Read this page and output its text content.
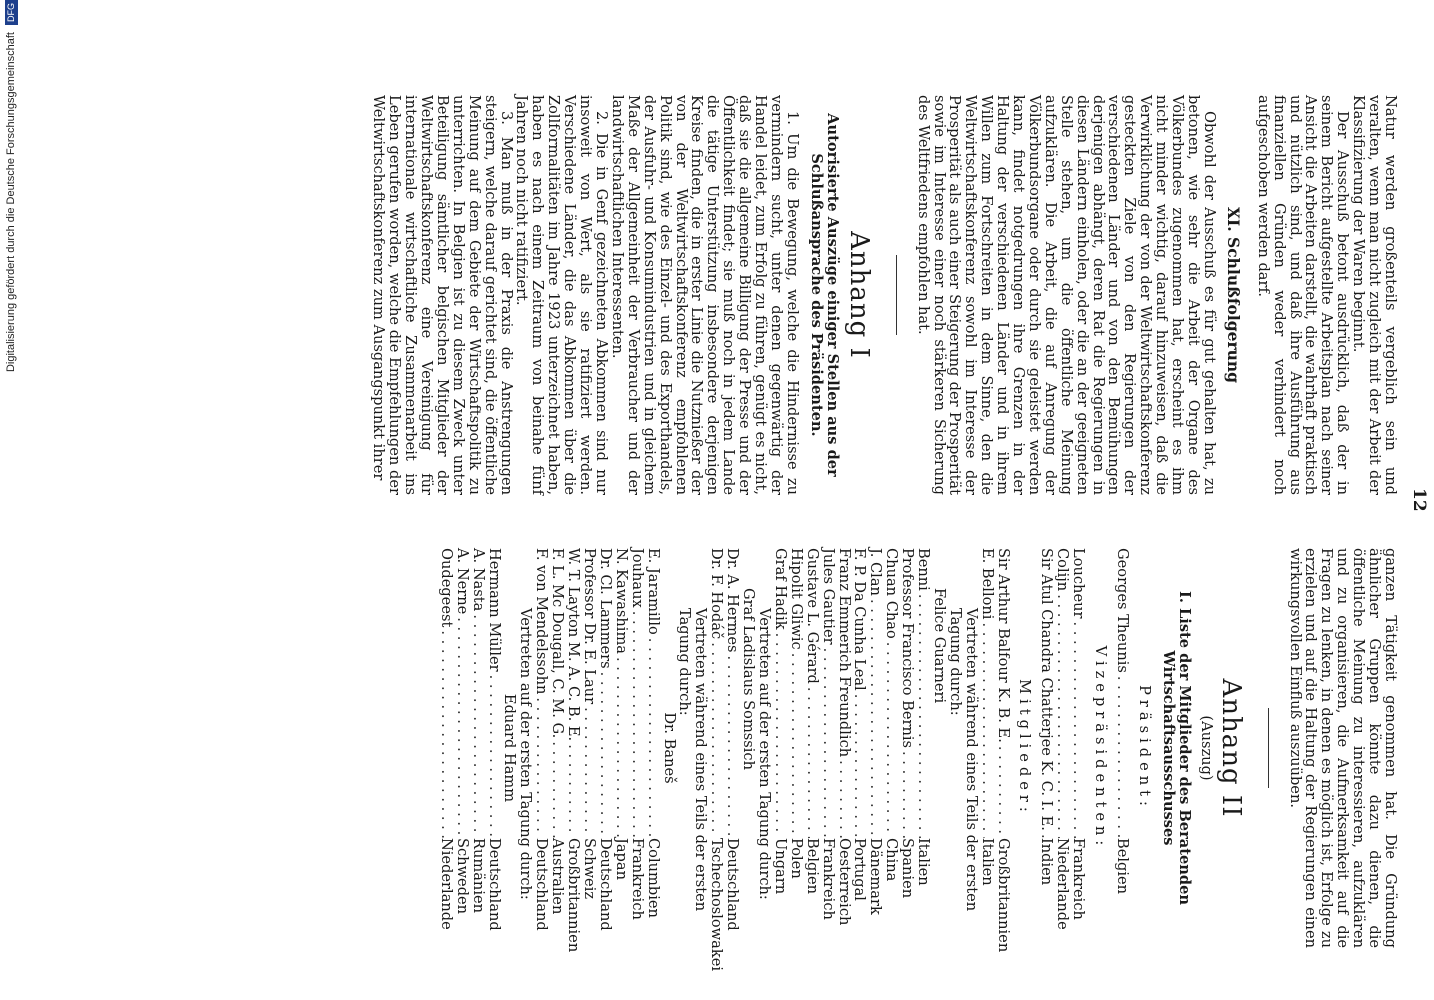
12

Natur werden großenteils vergeblich sein und veralten, wenn man nicht zugleich mit der Arbeit der Klassifizierung der Waren beginnt.

Der Ausschuß betont ausdrücklich, daß der in seinem Bericht aufgestellte Arbeitsplan nach seiner Ansicht die Arbeiten darstellt, die wahrhaft praktisch und nützlich sind, und daß ihre Ausführung aus finanziellen Gründen weder verhindert noch aufgeschoben werden darf.

XI. Schlußfolgerung

Obwohl der Ausschuß es für gut gehalten hat, zu betonen, wie sehr die Arbeit der Organe des Völkerbundes zugenommen hat, erscheint es ihm nicht minder wichtig, darauf hinzuweisen, daß die Verwirklichung der von der Weltwirtschaftskonferenz gesteckten Ziele von den Regierungen der verschiedenen Länder und von den Bemühungen derjenigen abhängt, deren Rat die Regierungen in diesen Ländern einholen, oder die an der geeigneten Stelle stehen, um die öffentliche Meinung aufzuklären. Die Arbeit, die auf Anregung der Völkerbundsorgane oder durch sie geleistet werden kann, findet notgedrungen ihre Grenzen in der Haltung der verschiedenen Länder und in ihrem Willen zum Fortschreiten in dem Sinne, den die Weltwirtschaftskonferenz sowohl im Interesse der Prosperität als auch einer Steigerung der Prosperität sowie im Interesse einer noch stärkeren Sicherung des Weltfriedens empfohlen hat.

Anhang I
Autorisierte Auszüge einiger Stellen aus der Schlußansprache des Präsidenten.

1. Um die Bewegung, welche die Hindernisse zu vermindern sucht, unter denen gegenwärtig der Handel leidet, zum Erfolg zu führen, genügt es nicht, daß sie die allgemeine Billigung der Presse und der Öffentlichkeit findet; sie muß noch in jedem Lande die tätige Unterstützung insbesondere derjenigen Kreise finden, die in erster Linie die Nutznießer der von der Weltwirtschaftskonferenz empfohlenen Politik sind, wie des Einzel- und des Exporthandels, der Ausfuhr- und Konsumindustrien und in gleichem Maße der Allgemeinheit der Verbraucher und der landwirtschaftlichen Interessenten.

2. Die in Genf gezeichneten Abkommen sind nur insoweit von Wert, als sie ratifiziert werden. Verschiedene Länder, die das Abkommen über die Zollformalitäten im Jahre 1923 unterzeichnet haben, haben es nach einem Zeitraum von beinahe fünf Jahren noch nicht ratifiziert.

3. Man muß in der Praxis die Anstrengungen steigern, welche darauf gerichtet sind, die öffentliche Meinung auf dem Gebiete der Wirtschaftspolitik zu unterrichten. In Belgien ist zu diesem Zweck unter Beteiligung sämtlicher belgischen Mitglieder der Weltwirtschaftskonferenz eine Vereinigung für internationale wirtschaftliche Zusammenarbeit ins Leben gerufen worden, welche die Empfehlungen der Weltwirtschaftskonferenz zum Ausgangspunkt ihrer

ganzen Tätigkeit genommen hat. Die Gründung ähnlicher Gruppen könnte dazu dienen, die öffentliche Meinung zu interessieren, aufzuklären und zu organisieren, die Aufmerksamkeit auf die Fragen zu lenken, in denen es möglich ist, Erfolge zu erzielen und auf die Haltung der Regierungen einen wirkungsvollen Einfluß auszuüben.

Anhang II
(Auszug)
I. Liste der Mitglieder des Beratenden Wirtschaftsausschusses
Präsident:
Georges Theunis
. . .
Belgien
Vizepräsidenten:
Loucheur
. . .
Frankreich
Colijn
. . .
Niederlande
Sir Atul Chandra Chatterjee K. C. I. E.
. . .
Indien
Mitglieder:
Sir Arthur Balfour K. B. E.
. . .
Großbritannien
E. Belloni
. . .
Italien
Vertreten während eines Teils der ersten Tagung durch:
Felice Guarneri
Benni
. . .
Italien
Professor Francisco Bernis
. . .
Spanien
Chuan Chao
. . .
China
J. Clan
. . .
Dänemark
F. P. Da Cunha Leal
. . .
Portugal
Franz Emmerich Freundlich
. . .
Oesterreich
Jules Gautier
. . .
Frankreich
Gustave L. Gérard
. . .
Belgien
Hipolit Gliwic
. . .
Polen
Graf Hadik
. . .
Ungarn
Vertreten auf der ersten Tagung durch:
Graf Ladislaus Somssich
Dr. A. Hermes
. . .
Deutschland
Dr. F. Hodáč
. . .
Tschechoslowakei
Vertreten während eines Teils der ersten Tagung durch:
Dr. Baneš
E. Jaramillo
. . .
Columbien
Jouhaux
. . .
Frankreich
N. Kawashima
. . .
Japan
Dr. Cl. Lammers
. . .
Deutschland
Professor Dr. E. Laur
. . .
Schweiz
W. T. Layton M. A. C. B. E.
. . .
Großbritannien
F. L. Mc Dougall, C. M. G.
. . .
Australien
F. von Mendelssohn
. . .
Deutschland
Vertreten auf der ersten Tagung durch:
Eduard Hamm
Hermann Müller
. . .
Deutschland
A. Nasta
. . .
Rumänien
A. Nerne
. . .
Schweden
Oudegeest
. . .
Niederlande
Digitalisierung gefördert durch die Deutsche Forschungsgemeinschaft DFG
